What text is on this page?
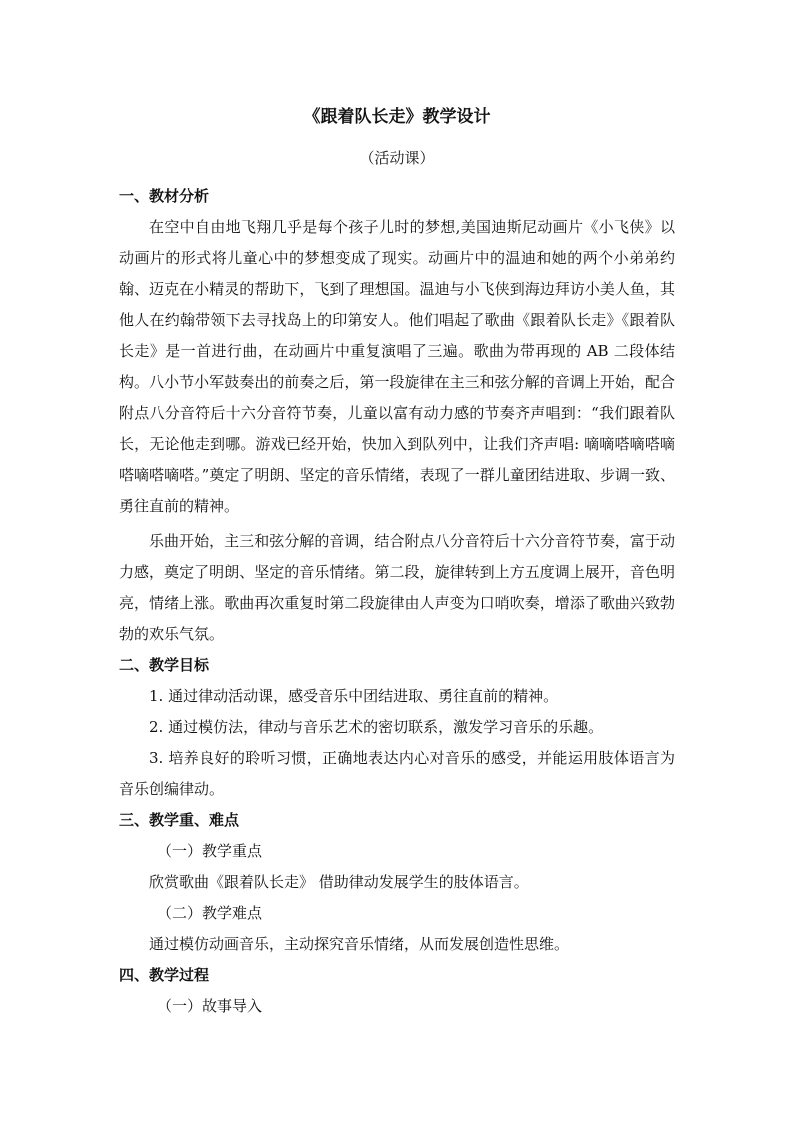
《跟着队长走》教学设计
（活动课）

一、教材分析

在空中自由地飞翔几乎是每个孩子儿时的梦想,美国迪斯尼动画片《小飞侠》以动画片的形式将儿童心中的梦想变成了现实。动画片中的温迪和她的两个小弟弟约翰、迈克在小精灵的帮助下，飞到了理想国。温迪与小飞侠到海边拜访小美人鱼，其他人在约翰带领下去寻找岛上的印第安人。他们唱起了歌曲《跟着队长走》《跟着队长走》是一首进行曲，在动画片中重复演唱了三遍。歌曲为带再现的 AB 二段体结构。八小节小军鼓奏出的前奏之后，第一段旋律在主三和弦分解的音调上开始，配合附点八分音符后十六分音符节奏，儿童以富有动力感的节奏齐声唱到：“我们跟着队长，无论他走到哪。游戏已经开始，快加入到队列中，让我们齐声唱: 嘀嘀嗒嘀嗒嘀嗒嘀嗒嘀嗒。”奠定了明朗、坚定的音乐情绪，表现了一群儿童团结进取、步调一致、勇往直前的精神。

乐曲开始，主三和弦分解的音调，结合附点八分音符后十六分音符节奏，富于动力感，奠定了明朗、坚定的音乐情绪。第二段，旋律转到上方五度调上展开，音色明亮，情绪上涨。歌曲再次重复时第二段旋律由人声变为口哨吹奏，增添了歌曲兴致勃勃的欢乐气氛。

二、教学目标

1. 通过律动活动课，感受音乐中团结进取、勇往直前的精神。

2. 通过模仿法，律动与音乐艺术的密切联系，激发学习音乐的乐趣。

3. 培养良好的聆听习惯，正确地表达内心对音乐的感受，并能运用肢体语言为音乐创编律动。

三、教学重、难点

（一）教学重点

欣赏歌曲《跟着队长走》 借助律动发展学生的肢体语言。

（二）教学难点

通过模仿动画音乐，主动探究音乐情绪，从而发展创造性思维。

四、教学过程

（一）故事导入
